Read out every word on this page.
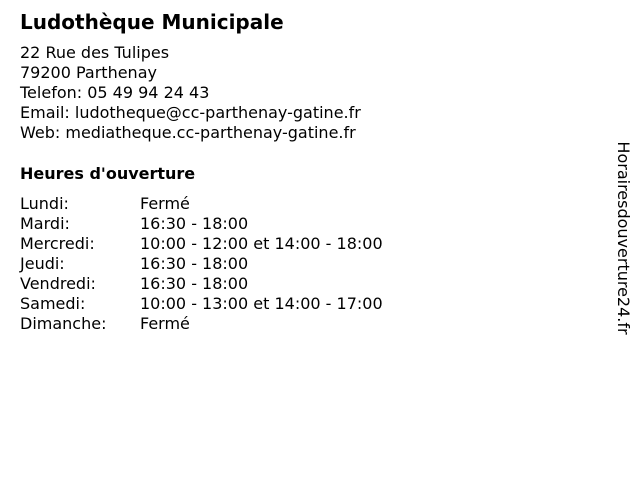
Ludothèque Municipale
22 Rue des Tulipes
79200 Parthenay
Telefon: 05 49 94 24 43
Email: ludotheque@cc-parthenay-gatine.fr
Web: mediatheque.cc-parthenay-gatine.fr
Heures d'ouverture
Lundi:	Fermé
Mardi:	16:30 - 18:00
Mercredi:	10:00 - 12:00 et 14:00 - 18:00
Jeudi:	16:30 - 18:00
Vendredi:	16:30 - 18:00
Samedi:	10:00 - 13:00 et 14:00 - 17:00
Dimanche: Fermé	Horairesdouverture24.fr
